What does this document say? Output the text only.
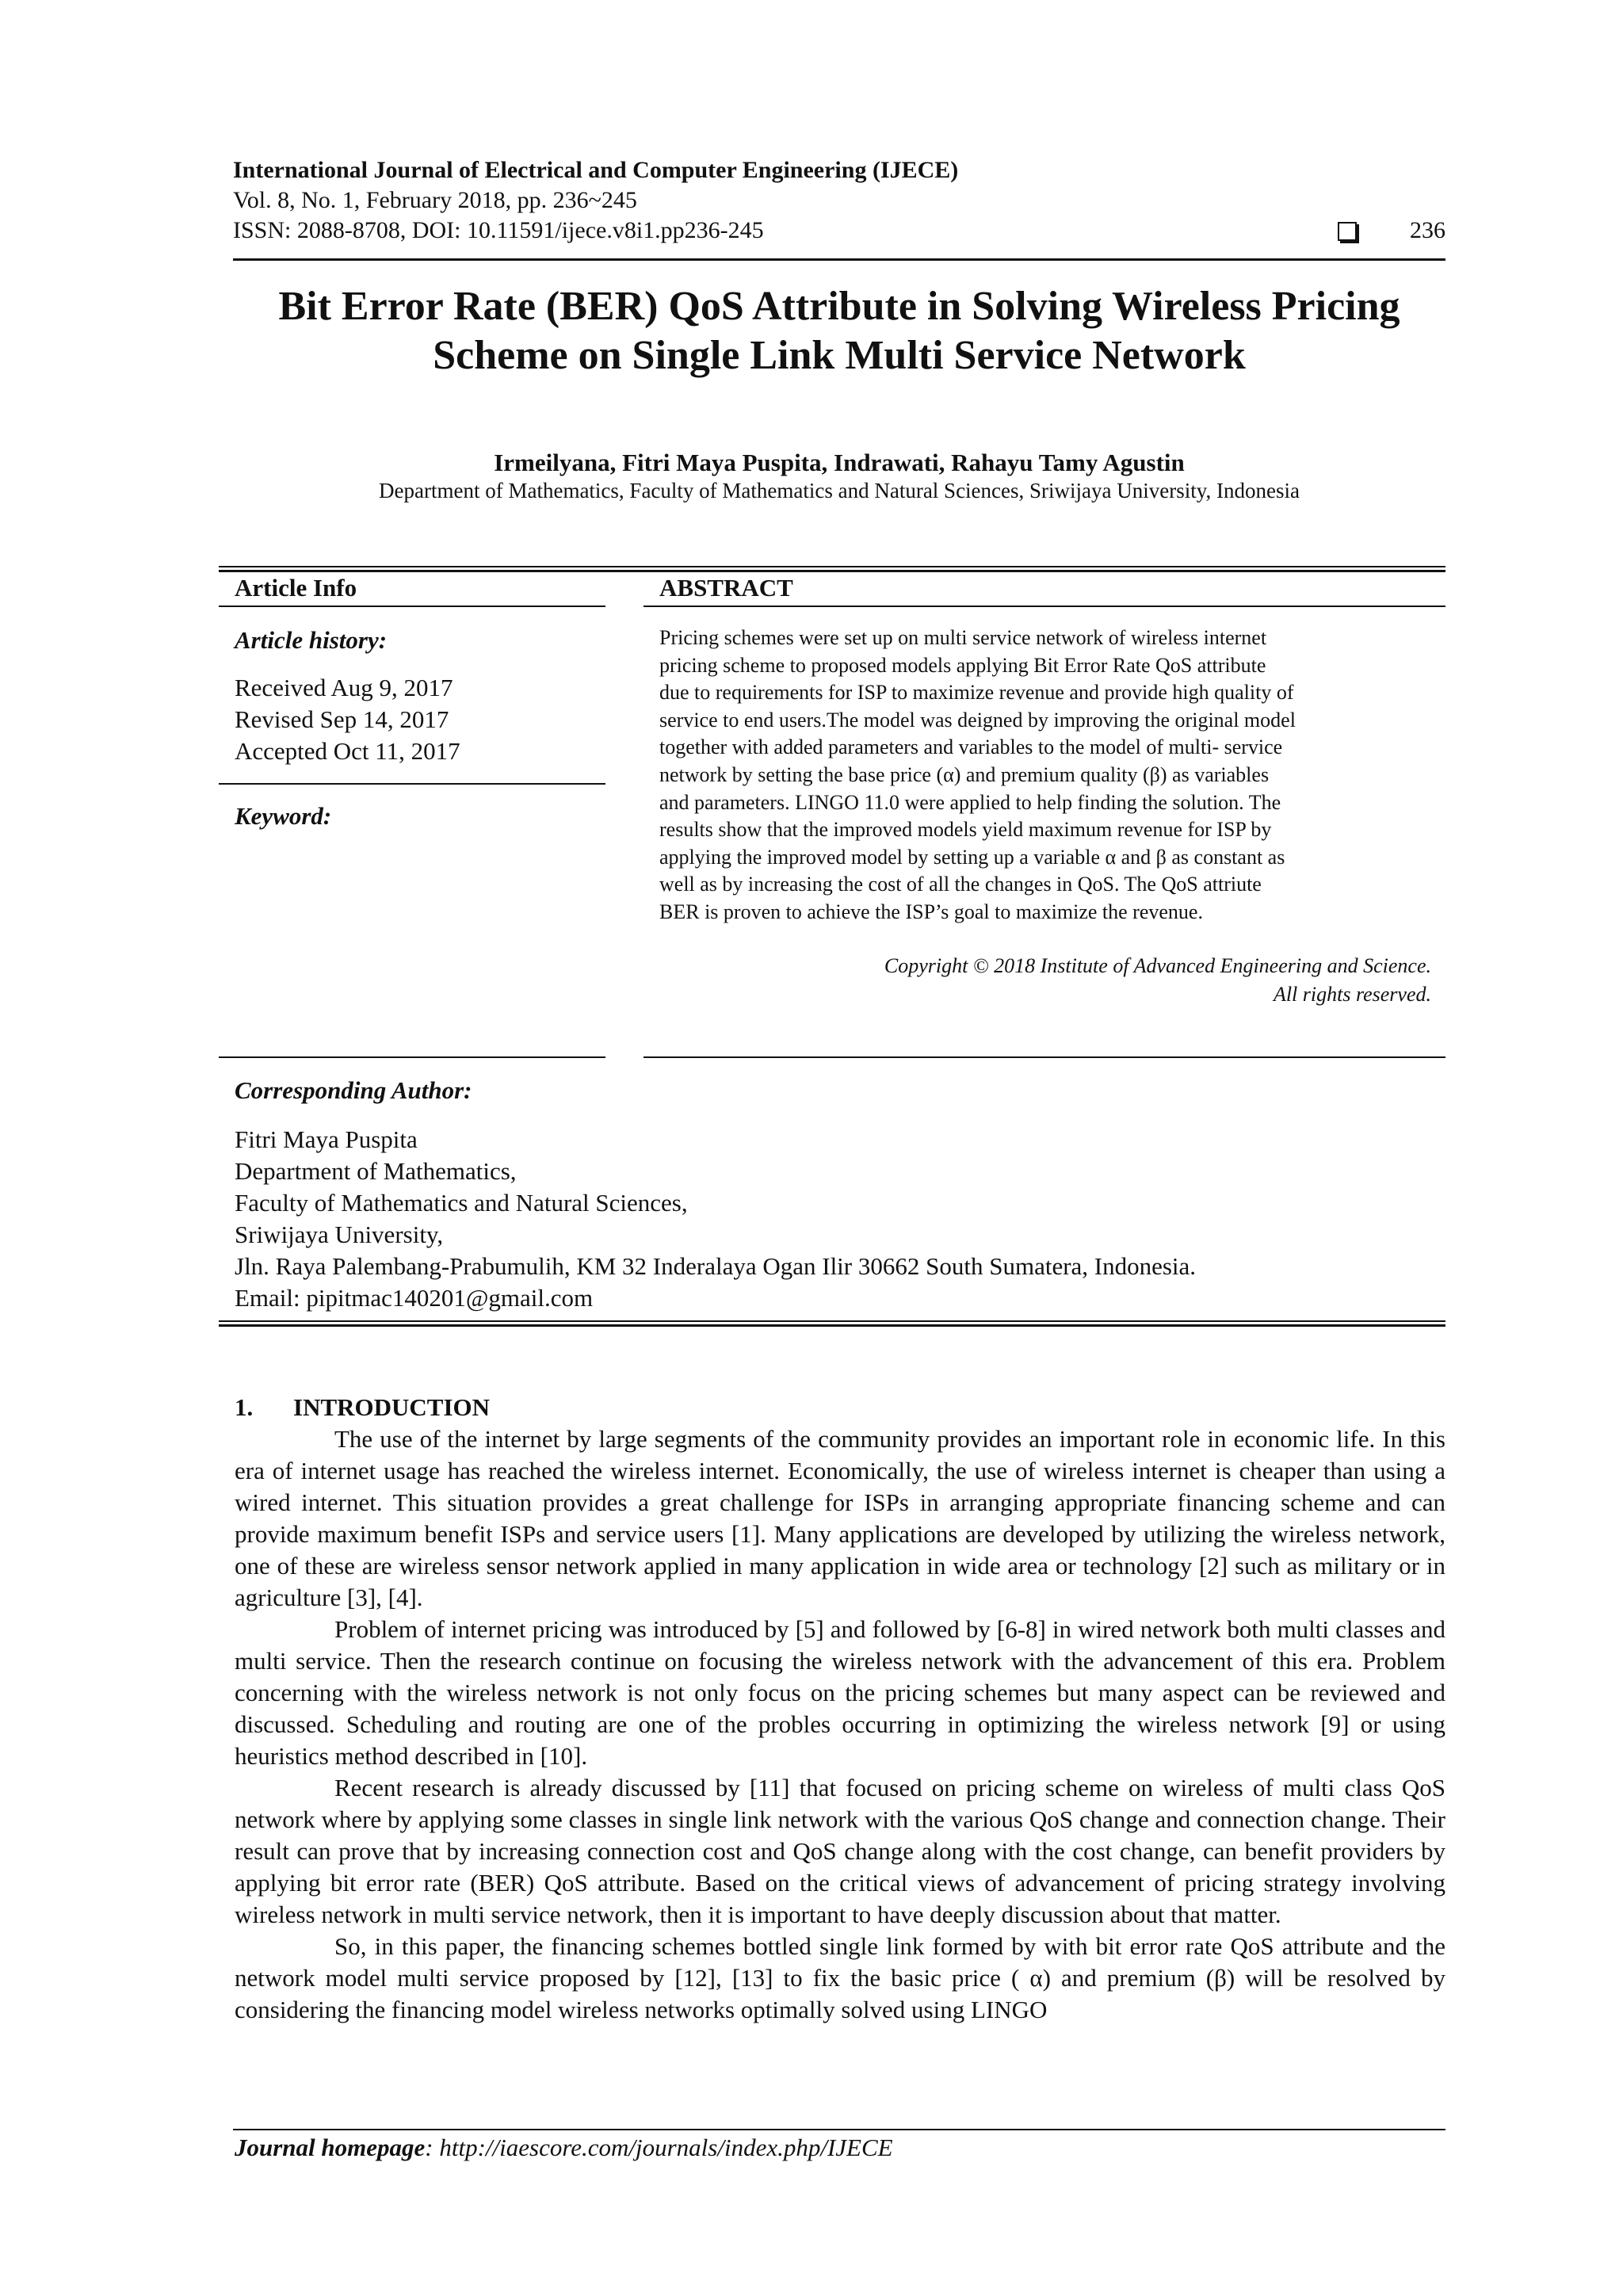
International Journal of Electrical and Computer Engineering (IJECE)
Vol. 8, No. 1, February 2018, pp. 236~245
ISSN: 2088-8708, DOI: 10.11591/ijece.v8i1.pp236-245	236
Bit Error Rate (BER) QoS Attribute in Solving Wireless Pricing
Scheme on Single Link Multi Service Network
Irmeilyana, Fitri Maya Puspita, Indrawati, Rahayu Tamy Agustin
Department of Mathematics, Faculty of Mathematics and Natural Sciences, Sriwijaya University, Indonesia
Article Info
Article history:
Received Aug 9, 2017
Revised Sep 14, 2017
Accepted Oct 11, 2017
Keyword:
ABSTRACT
Pricing schemes were set up on multi service network of wireless internet
pricing scheme to proposed models applying Bit Error Rate QoS attribute
due to requirements for ISP to maximize revenue and provide high quality of
service to end users.The model was deigned by improving the original model
together with added parameters and variables to the model of multi- service
network by setting the base price (α) and premium quality (β) as variables
and parameters. LINGO 11.0 were applied to help finding the solution. The
results show that the improved models yield maximum revenue for ISP by
applying the improved model by setting up a variable α and β as constant as
well as by increasing the cost of all the changes in QoS. The QoS attriute
BER is proven to achieve the ISP’s goal to maximize the revenue.
Copyright © 2018 Institute of Advanced Engineering and Science.
All rights reserved.
Corresponding Author:
Fitri Maya Puspita
Department of Mathematics,
Faculty of Mathematics and Natural Sciences,
Sriwijaya University,
Jln. Raya Palembang-Prabumulih, KM 32 Inderalaya Ogan Ilir 30662 South Sumatera, Indonesia.
Email: pipitmac140201@gmail.com
1.	INTRODUCTION

The use of the internet by large segments of the community provides an important role in economic life. In this era of internet usage has reached the wireless internet. Economically, the use of wireless internet is cheaper than using a wired internet. This situation provides a great challenge for ISPs in arranging appropriate financing scheme and can provide maximum benefit ISPs and service users [1]. Many applications are developed by utilizing the wireless network, one of these are wireless sensor network applied in many application in wide area or technology [2] such as military or in agriculture [3], [4].

Problem of internet pricing was introduced by [5] and followed by [6-8] in wired network both multi classes and multi service. Then the research continue on focusing the wireless network with the advancement of this era. Problem concerning with the wireless network is not only focus on the pricing schemes but many aspect can be reviewed and discussed. Scheduling and routing are one of the probles occurring in optimizing the wireless network [9] or using heuristics method described in [10].

Recent research is already discussed by [11] that focused on pricing scheme on wireless of multi class QoS network where by applying some classes in single link network with the various QoS change and connection change. Their result can prove that by increasing connection cost and QoS change along with the cost change, can benefit providers by applying bit error rate (BER) QoS attribute. Based on the critical views of advancement of pricing strategy involving wireless network in multi service network, then it is important to have deeply discussion about that matter.

So, in this paper, the financing schemes bottled single link formed by with bit error rate QoS attribute and the network model multi service proposed by [12], [13] to fix the basic price ( α) and premium (β) will be resolved by considering the financing model wireless networks optimally solved using LINGO

Journal homepage: http://iaescore.com/journals/index.php/IJECE
